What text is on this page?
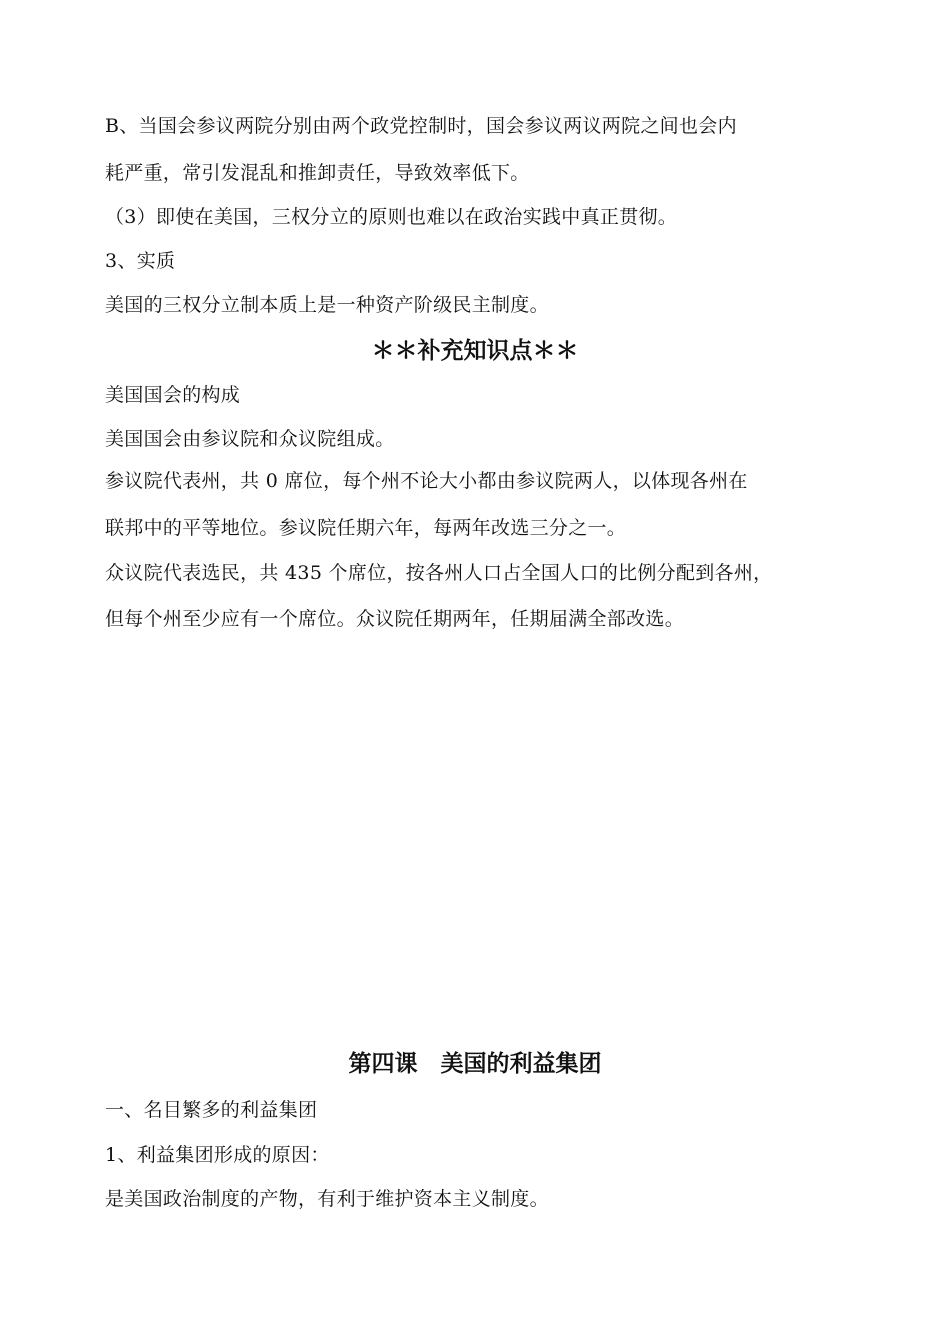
B、当国会参议两院分别由两个政党控制时，国会参议两议两院之间也会内
耗严重，常引发混乱和推卸责任，导致效率低下。
（3）即使在美国，三权分立的原则也难以在政治实践中真正贯彻。
3、实质
美国的三权分立制本质上是一种资产阶级民主制度。
＊＊补充知识点＊＊
美国国会的构成
美国国会由参议院和众议院组成。
参议院代表州，共 0 席位，每个州不论大小都由参议院两人，以体现各州在
联邦中的平等地位。参议院任期六年，每两年改选三分之一。
众议院代表选民，共 435 个席位，按各州人口占全国人口的比例分配到各州，
但每个州至少应有一个席位。众议院任期两年，任期届满全部改选。
第四课　美国的利益集团
一、名目繁多的利益集团
1、利益集团形成的原因：
是美国政治制度的产物，有利于维护资本主义制度。
